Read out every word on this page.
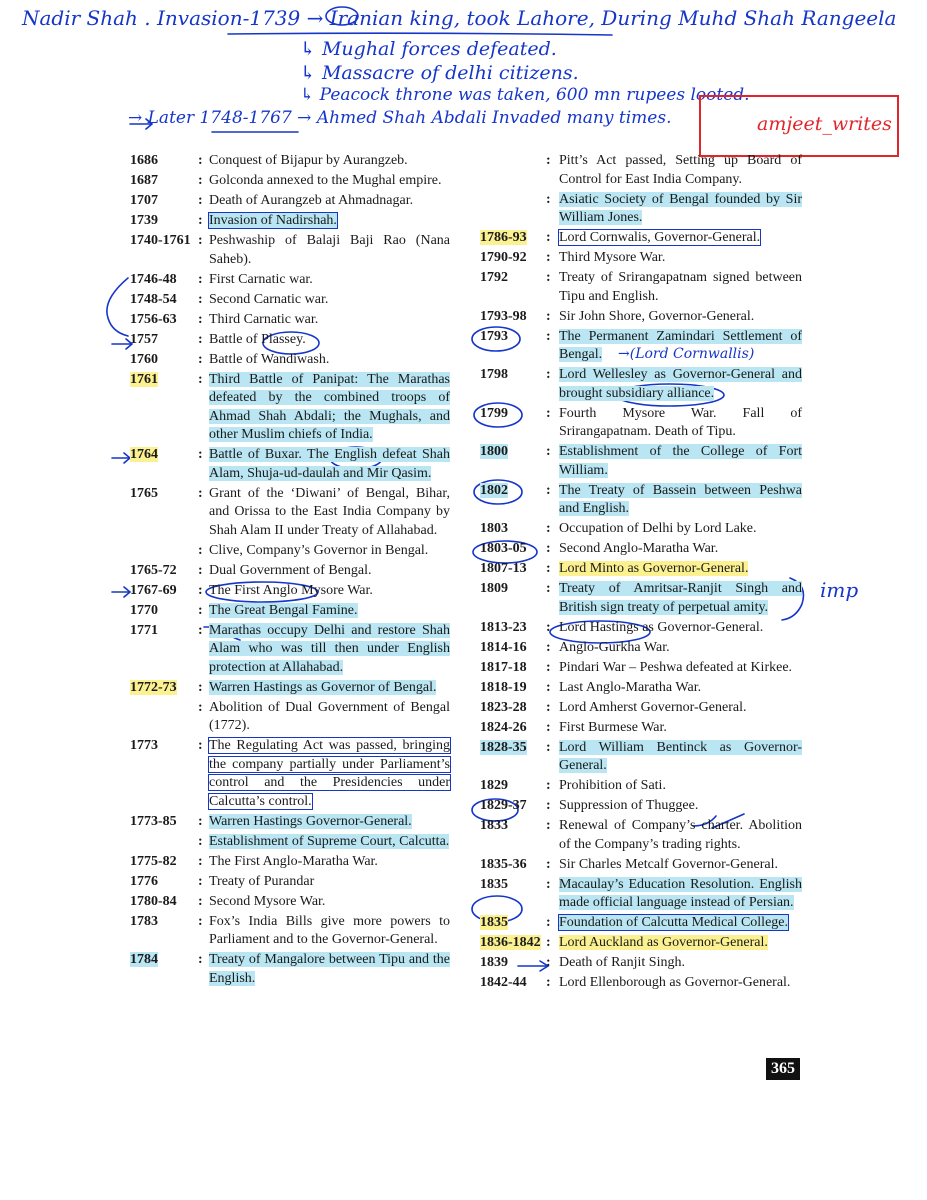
Nadir Shah . Invasion-1739 → Iranian king, took Lahore, During Muhd Shah Rangeela
↳ Mughal forces defeated.
↳ Massacre of delhi citizens.
↳ Peacock throne was taken, 600 mn rupees looted.
→ Later 1748-1767 → Ahmed Shah Abdali Invaded many times.
→(Lord Cornwallis)
imp
amjeet_writes
1686	: Conquest of Bijapur by Aurangzeb.
1687	: Golconda annexed to the Mughal empire.
1707	: Death of Aurangzeb at Ahmadnagar.
1739	: Invasion of Nadirshah.
1740-1761 : Peshwaship of Balaji Baji Rao (Nana Saheb).
1746-48	: First Carnatic war.
1748-54	: Second Carnatic war.
1756-63	: Third Carnatic war.
1757	: Battle of Plassey.
1760	: Battle of Wandiwash.
1761	: Third Battle of Panipat: The Marathas defeated by the combined troops of Ahmad Shah Abdali; the Mughals, and other Muslim chiefs of India.
1764	: Battle of Buxar. The English defeat Shah Alam, Shuja-ud-daulah and Mir Qasim.
1765	: Grant of the ‘Diwani’ of Bengal, Bihar, and Orissa to the East India Company by Shah Alam II under Treaty of Allahabad.
: Clive, Company’s Governor in Bengal.
1765-72	: Dual Government of Bengal.
1767-69	: The First Anglo Mysore War.
1770	: The Great Bengal Famine.
1771	: Marathas occupy Delhi and restore Shah Alam who was till then under English protection at Allahabad.
1772-73	: Warren Hastings as Governor of Bengal.
: Abolition of Dual Government of Bengal (1772).
1773	: The Regulating Act was passed, bringing the company partially under Parliament’s control and the Presidencies under Calcutta’s control.
1773-85	: Warren Hastings Governor-General.
: Establishment of Supreme Court, Calcutta.
1775-82	: The First Anglo-Maratha War.
1776	: Treaty of Purandar
1780-84	: Second Mysore War.
1783	: Fox’s India Bills give more powers to Parliament and to the Governor-General.
1784	: Treaty of Mangalore between Tipu and the English.
: Pitt’s Act passed, Setting up Board of Control for East India Company.
: Asiatic Society of Bengal founded by Sir William Jones.
1786-93	: Lord Cornwalis, Governor-General.
1790-92	: Third Mysore War.
1792	: Treaty of Srirangapatnam signed between Tipu and English.
1793-98	: Sir John Shore, Governor-General.
1793	: The Permanent Zamindari Settlement of Bengal.
1798	: Lord Wellesley as Governor-General and brought subsidiary alliance.
1799	: Fourth Mysore War. Fall of Srirangapatnam. Death of Tipu.
1800	: Establishment of the College of Fort William.
1802	: The Treaty of Bassein between Peshwa and English.
1803	: Occupation of Delhi by Lord Lake.
1803-05	: Second Anglo-Maratha War.
1807-13	: Lord Minto as Governor-General.
1809	: Treaty of Amritsar-Ranjit Singh and British sign treaty of perpetual amity.
1813-23	: Lord Hastings as Governor-General.
1814-16	: Anglo-Gurkha War.
1817-18	: Pindari War – Peshwa defeated at Kirkee.
1818-19	: Last Anglo-Maratha War.
1823-28	: Lord Amherst Governor-General.
1824-26	: First Burmese War.
1828-35	: Lord William Bentinck as Governor-General.
1829	: Prohibition of Sati.
1829-37	: Suppression of Thuggee.
1833	: Renewal of Company’s charter. Abolition of the Company’s trading rights.
1835-36	: Sir Charles Metcalf Governor-General.
1835	: Macaulay’s Education Resolution. English made official language instead of Persian.
1835	: Foundation of Calcutta Medical College.
1836-1842 : Lord Auckland as Governor-General.
1839	: Death of Ranjit Singh.
1842-44	: Lord Ellenborough as Governor-General.
365
